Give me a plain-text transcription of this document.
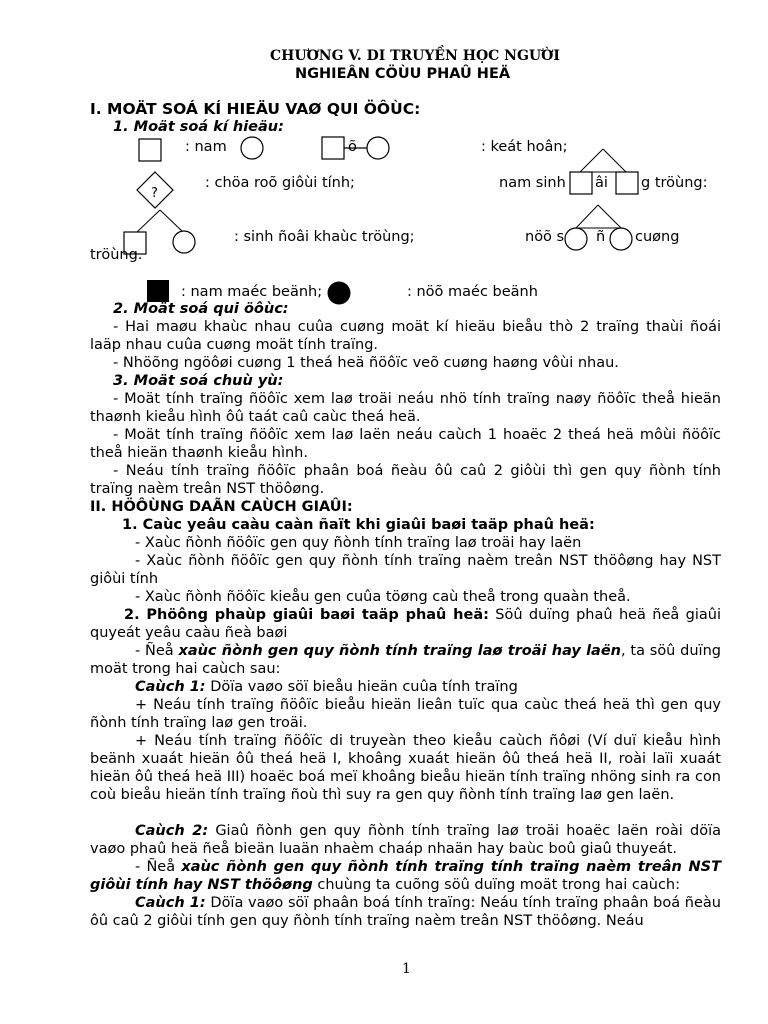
CHƯƠNG V. DI TRUYỀN HỌC NGƯỜI
NGHIEÂN CÖÙU PHAÛ HEÄ
I. MOÄT SOÁ KÍ HIEÄU VAØ QUI ÖÔÙC:
1. Moät soá kí hieäu:
?
: nam	õ	: keát hoân;
: chöa roõ giôùi tính;	nam sinh âi g tröùng:
: sinh ñoâi khaùc tröùng;	nöõ s ñ cuøng
tröùng.
: nam maéc beänh;	: nöõ maéc beänh
2. Moät soá qui öôùc:
- Hai maøu khaùc nhau cuûa cuøng moät kí hieäu bieåu thò 2 traïng thaùi ñoái laäp nhau cuûa cuøng moät tính traïng.
- Nhöõng ngöôøi cuøng 1 theá heä ñöôïc veõ cuøng haøng vôùi nhau.
3. Moät soá chuù yù:
- Moät tính traïng ñöôïc xem laø troäi neáu nhö tính traïng naøy ñöôïc theå hieän thaønh kieåu hình ôû taát caû caùc theá heä.
- Moät tính traïng ñöôïc xem laø laën neáu caùch 1 hoaëc 2 theá heä môùi ñöôïc theå hieän thaønh kieåu hình.
- Neáu tính traïng ñöôïc phaân boá ñeàu ôû caû 2 giôùi thì gen quy ñònh tính traïng naèm treân NST thöôøng.
II. HÖÔÙNG DAÃN CAÙCH GIAÛI:
1. Caùc yeâu caàu caàn ñaït khi giaûi baøi taäp phaû heä:
- Xaùc ñònh ñöôïc gen quy ñònh tính traïng laø troäi hay laën
- Xaùc ñònh ñöôïc gen quy ñònh tính traïng naèm treân NST thöôøng hay NST giôùi tính
- Xaùc ñònh ñöôïc kieåu gen cuûa töøng caù theå trong quaàn theå.
2. Phöông phaùp giaûi baøi taäp phaû heä: Söû duïng phaû heä ñeå giaûi quyeát yeâu caàu ñeà baøi
- Ñeå xaùc ñònh gen quy ñònh tính traïng laø troäi hay laën, ta söû duïng moät trong hai caùch sau:
Caùch 1: Döïa vaøo söï bieåu hieän cuûa tính traïng
+ Neáu tính traïng ñöôïc bieåu hieän lieân tuïc qua caùc theá heä thì gen quy ñònh tính traïng laø gen troäi.
+ Neáu tính traïng ñöôïc di truyeàn theo kieåu caùch ñôøi (Ví duï kieåu hình beänh xuaát hieän ôû theá heä I, khoâng xuaát hieän ôû theá heä II, roài laïi xuaát hieän ôû theá heä III) hoaëc boá meï khoâng bieåu hieän tính traïng nhöng sinh ra con coù bieåu hieän tính traïng ñoù thì suy ra gen quy ñònh tính traïng laø gen laën.
Caùch 2: Giaû ñònh gen quy ñònh tính traïng laø troäi hoaëc laën roài döïa vaøo phaû heä ñeå bieän luaän nhaèm chaáp nhaän hay baùc boû giaû thuyeát.
- Ñeå xaùc ñònh gen quy ñònh tính traïng tính traïng naèm treân NST giôùi tính hay NST thöôøng chuùng ta cuõng söû duïng moät trong hai caùch:
Caùch 1: Döïa vaøo söï phaân boá tính traïng: Neáu tính traïng phaân boá ñeàu ôû caû 2 giôùi tính gen quy ñònh tính traïng naèm treân NST thöôøng. Neáu
1
